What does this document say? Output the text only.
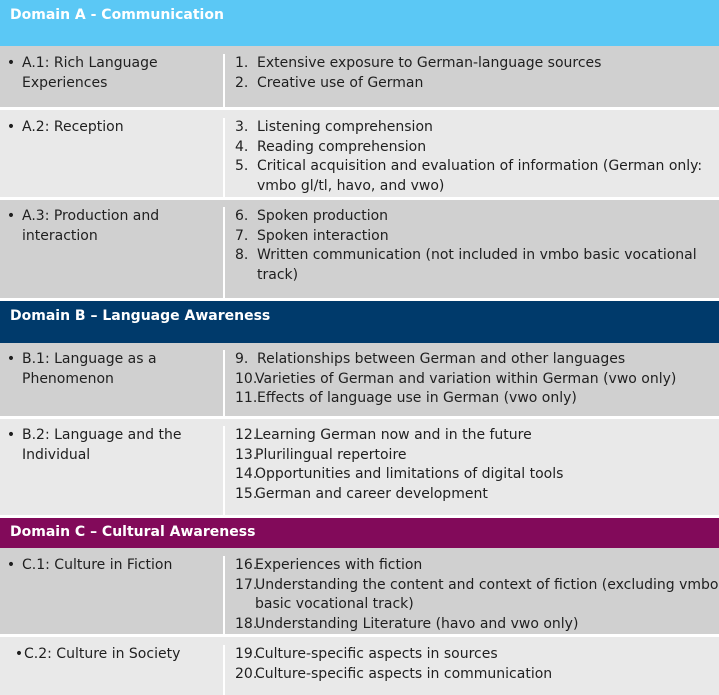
Domain A - Communication
• A.1: Rich Language Experiences
1. Extensive exposure to German-language sources
2. Creative use of German
• A.2: Reception	3. Listening comprehension
4. Reading comprehension
5. Critical acquisition and evaluation of information (German only: vmbo gl/tl, havo, and vwo)
• A.3: Production and interaction
6. Spoken production
7. Spoken interaction
8. Written communication (not included in vmbo basic vocational track)
Domain B – Language Awareness
• B.1: Language as a Phenomenon
9. Relationships between German and other languages
10.
Varieties of German and variation within German (vwo only)
11. Effects of language use in German (vwo only)
• B.2: Language and the Individual
12.
Learning German now and in the future
13.
Plurilingual repertoire
14.
Opportunities and limitations of digital tools
15.
German and career development
Domain C – Cultural Awareness
• C.1: Culture in Fiction	16.
Experiences with fiction
17.
Understanding the content and context of fiction (excluding vmbo basic vocational track)
18.
Understanding Literature (havo and vwo only)
• C.2: Culture in Society	19.
Culture-specific aspects in sources
20.
Culture-specific aspects in communication
